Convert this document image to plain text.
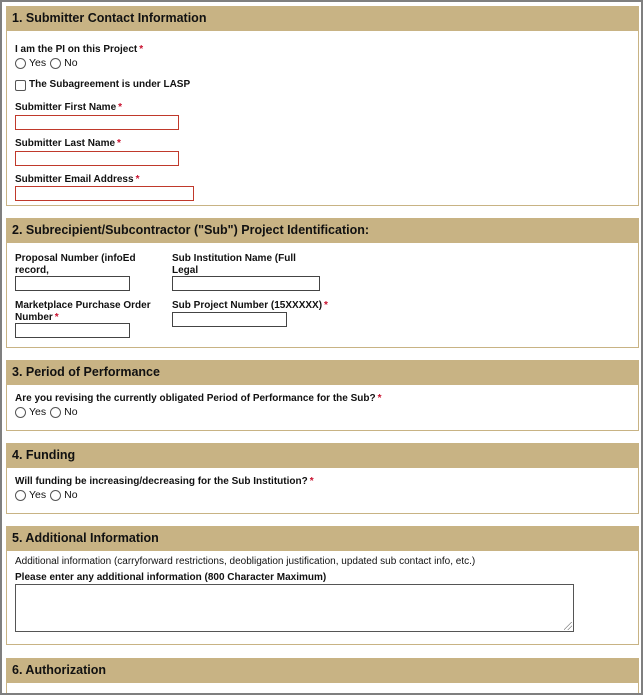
1. Submitter Contact Information
I am the PI on this Project *
Yes No
The Subagreement is under LASP
Submitter First Name *
Submitter Last Name *
Submitter Email Address *
2. Subrecipient/Subcontractor ("Sub") Project Identification:
Proposal Number (infoEd record,
Sub Institution Name (Full Legal
Marketplace Purchase Order
Number *
Sub Project Number (15XXXXX) *
3. Period of Performance
Are you revising the currently obligated Period of Performance for the Sub? *
Yes No
4. Funding
Will funding be increasing/decreasing for the Sub Institution? *
Yes No
5. Additional Information
Additional information (carryforward restrictions, deobligation justification, updated sub contact info, etc.)
Please enter any additional information (800 Character Maximum)
6. Authorization
